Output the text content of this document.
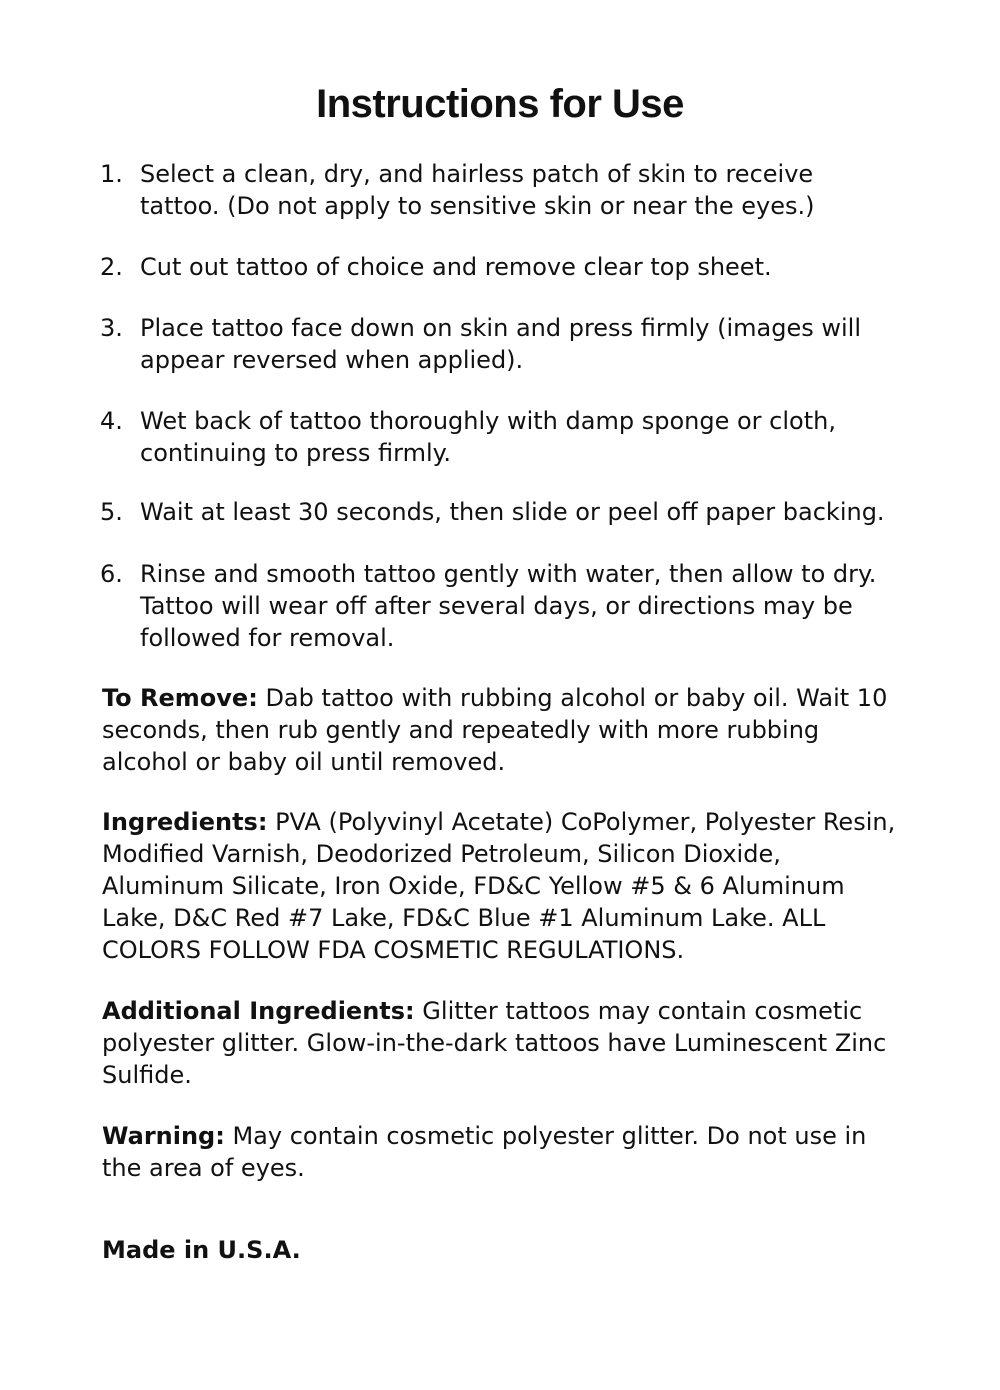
Instructions for Use
1. Select a clean, dry, and hairless patch of skin to receive tattoo. (Do not apply to sensitive skin or near the eyes.)
2. Cut out tattoo of choice and remove clear top sheet.
3. Place tattoo face down on skin and press firmly (images will appear reversed when applied).
4. Wet back of tattoo thoroughly with damp sponge or cloth, continuing to press firmly.
5. Wait at least 30 seconds, then slide or peel off paper backing.
6. Rinse and smooth tattoo gently with water, then allow to dry. Tattoo will wear off after several days, or directions may be followed for removal.
To Remove: Dab tattoo with rubbing alcohol or baby oil. Wait 10 seconds, then rub gently and repeatedly with more rubbing alcohol or baby oil until removed.
Ingredients: PVA (Polyvinyl Acetate) CoPolymer, Polyester Resin, Modified Varnish, Deodorized Petroleum, Silicon Dioxide, Aluminum Silicate, Iron Oxide, FD&C Yellow #5 & 6 Aluminum Lake, D&C Red #7 Lake, FD&C Blue #1 Aluminum Lake. ALL COLORS FOLLOW FDA COSMETIC REGULATIONS.
Additional Ingredients: Glitter tattoos may contain cosmetic polyester glitter. Glow-in-the-dark tattoos have Luminescent Zinc Sulfide.
Warning: May contain cosmetic polyester glitter. Do not use in the area of eyes.
Made in U.S.A.
